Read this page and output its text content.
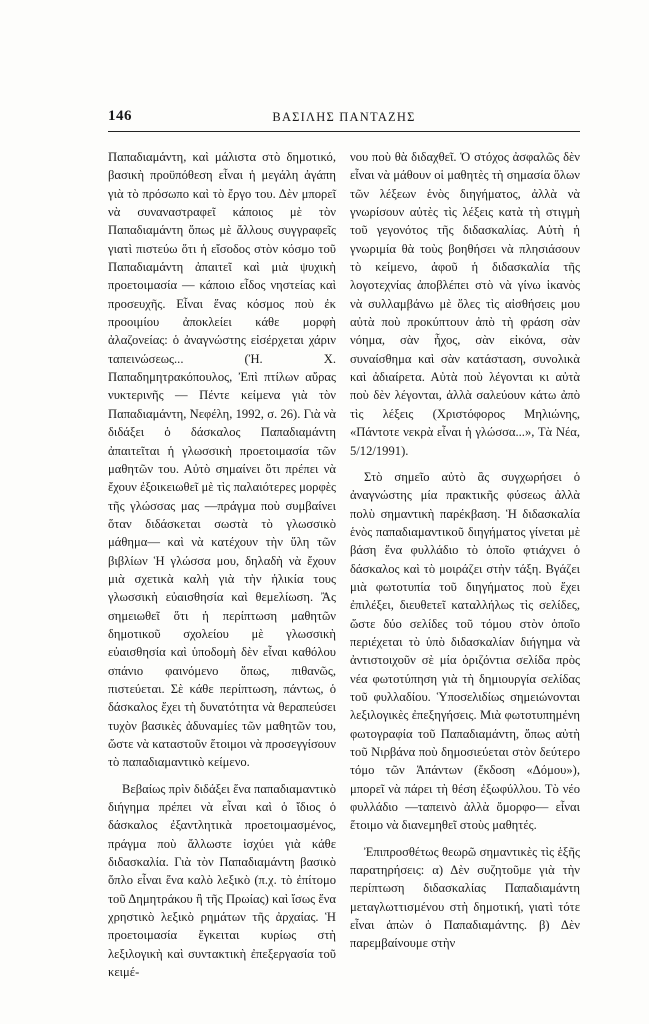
146	ΒΑΣΙΛΗΣ ΠΑΝΤΑΖΗΣ

Παπαδιαμάντη, καὶ μάλιστα στὸ δημοτικό, βασικὴ προϋπόθεση εἶναι ἡ μεγάλη ἀγάπη γιὰ τὸ πρόσωπο καὶ τὸ ἔργο του. Δὲν μπορεῖ νὰ συναναστραφεῖ κάποιος μὲ τὸν Παπαδιαμάντη ὅπως μὲ ἄλλους συγγραφεῖς γιατὶ πιστεύω ὅτι ἡ εἴσοδος στὸν κόσμο τοῦ Παπαδιαμάντη ἀπαιτεῖ καὶ μιὰ ψυχικὴ προετοιμασία — κάποιο εἶδος νηστείας καὶ προσευχῆς. Εἶναι ἕνας κόσμος ποὺ ἐκ προοιμίου ἀποκλείει κάθε μορφὴ ἀλαζονείας: ὁ ἀναγνώστης εἰσέρχεται χάριν ταπεινώσεως... (Ἠ. Χ. Παπαδημητρακόπουλος, Ἐπὶ πτίλων αὔρας νυκτερινῆς — Πέντε κείμενα γιὰ τὸν Παπαδιαμάντη, Νεφέλη, 1992, σ. 26). Γιὰ νὰ διδάξει ὁ δάσκαλος Παπαδιαμάντη ἀπαιτεῖται ἡ γλωσσικὴ προετοιμασία τῶν μαθητῶν του. Αὐτὸ σημαίνει ὅτι πρέπει νὰ ἔχουν ἐξοικειωθεῖ μὲ τὶς παλαιότερες μορφὲς τῆς γλώσσας μας —πράγμα ποὺ συμβαίνει ὅταν διδάσκεται σωστὰ τὸ γλωσσικὸ μάθημα— καὶ νὰ κατέχουν τὴν ὕλη τῶν βιβλίων Ἡ γλώσσα μου, δηλαδὴ νὰ ἔχουν μιὰ σχετικὰ καλὴ γιὰ τὴν ἡλικία τους γλωσσικὴ εὐαισθησία καὶ θεμελίωση. Ἂς σημειωθεῖ ὅτι ἡ περίπτωση μαθητῶν δημοτικοῦ σχολείου μὲ γλωσσικὴ εὐαισθησία καὶ ὑποδομὴ δὲν εἶναι καθόλου σπάνιο φαινόμενο ὅπως, πιθανῶς, πιστεύεται. Σὲ κάθε περίπτωση, πάντως, ὁ δάσκαλος ἔχει τὴ δυνατότητα νὰ θεραπεύσει τυχὸν βασικὲς ἀδυναμίες τῶν μαθητῶν του, ὥστε νὰ καταστοῦν ἕτοιμοι νὰ προσεγγίσουν τὸ παπαδιαμαντικὸ κείμενο.

Βεβαίως πρὶν διδάξει ἕνα παπαδιαμαντικὸ διήγημα πρέπει νὰ εἶναι καὶ ὁ ἴδιος ὁ δάσκαλος ἐξαντλητικὰ προετοιμασμένος, πράγμα ποὺ ἄλλωστε ἰσχύει γιὰ κάθε διδασκαλία. Γιὰ τὸν Παπαδιαμάντη βασικὸ ὅπλο εἶναι ἕνα καλὸ λεξικὸ (π.χ. τὸ ἐπίτομο τοῦ Δημητράκου ἢ τῆς Πρωίας) καὶ ἴσως ἕνα χρηστικὸ λεξικὸ ρημάτων τῆς ἀρχαίας. Ἡ προετοιμασία ἔγκειται κυρίως στὴ λεξιλογικὴ καὶ συντακτικὴ ἐπεξεργασία τοῦ κειμέ-

νου ποὺ θὰ διδαχθεῖ. Ὁ στόχος ἀσφαλῶς δὲν εἶναι νὰ μάθουν οἱ μαθητὲς τὴ σημασία ὅλων τῶν λέξεων ἑνὸς διηγήματος, ἀλλὰ νὰ γνωρίσουν αὐτὲς τὶς λέξεις κατὰ τὴ στιγμὴ τοῦ γεγονότος τῆς διδασκαλίας. Αὐτὴ ἡ γνωριμία θὰ τοὺς βοηθήσει νὰ πλησιάσουν τὸ κείμενο, ἀφοῦ ἡ διδασκαλία τῆς λογοτεχνίας ἀποβλέπει στὸ νὰ γίνω ἱκανὸς νὰ συλλαμβάνω μὲ ὅλες τὶς αἰσθήσεις μου αὐτὰ ποὺ προκύπτουν ἀπὸ τὴ φράση σὰν νόημα, σὰν ἦχος, σὰν εἰκόνα, σὰν συναίσθημα καὶ σὰν κατάσταση, συνολικὰ καὶ ἀδιαίρετα. Αὐτὰ ποὺ λέγονται κι αὐτὰ ποὺ δὲν λέγονται, ἀλλὰ σαλεύουν κάτω ἀπὸ τὶς λέξεις (Χριστόφορος Μηλιώνης, «Πάντοτε νεκρὰ εἶναι ἡ γλώσσα...», Τὰ Νέα, 5/12/1991).

Στὸ σημεῖο αὐτὸ ἂς συγχωρήσει ὁ ἀναγνώστης μία πρακτικῆς φύσεως ἀλλὰ πολὺ σημαντικὴ παρέκβαση. Ἡ διδασκαλία ἑνὸς παπαδιαμαντικοῦ διηγήματος γίνεται μὲ βάση ἕνα φυλλάδιο τὸ ὁποῖο φτιάχνει ὁ δάσκαλος καὶ τὸ μοιράζει στὴν τάξη. Βγάζει μιὰ φωτοτυπία τοῦ διηγήματος ποὺ ἔχει ἐπιλέξει, διευθετεῖ καταλλήλως τὶς σελίδες, ὥστε δύο σελίδες τοῦ τόμου στὸν ὁποῖο περιέχεται τὸ ὑπὸ διδασκαλίαν διήγημα νὰ ἀντιστοιχοῦν σὲ μία ὁριζόντια σελίδα πρὸς νέα φωτοτύπηση γιὰ τὴ δημιουργία σελίδας τοῦ φυλλαδίου. Ὑποσελιδίως σημειώνονται λεξιλογικὲς ἐπεξηγήσεις. Μιὰ φωτοτυπημένη φωτογραφία τοῦ Παπαδιαμάντη, ὅπως αὐτὴ τοῦ Νιρβάνα ποὺ δημοσιεύεται στὸν δεύτερο τόμο τῶν Ἁπάντων (ἔκδοση «Δόμου»), μπορεῖ νὰ πάρει τὴ θέση ἐξωφύλλου. Τὸ νέο φυλλάδιο —ταπεινὸ ἀλλὰ ὄμορφο— εἶναι ἕτοιμο νὰ διανεμηθεῖ στοὺς μαθητές.

Ἐπιπροσθέτως θεωρῶ σημαντικὲς τὶς ἑξῆς παρατηρήσεις: α) Δὲν συζητοῦμε γιὰ τὴν περίπτωση διδασκαλίας Παπαδιαμάντη μεταγλωττισμένου στὴ δημοτική, γιατὶ τότε εἶναι ἁπὼν ὁ Παπαδιαμάντης. β) Δὲν παρεμβαίνουμε στὴν
